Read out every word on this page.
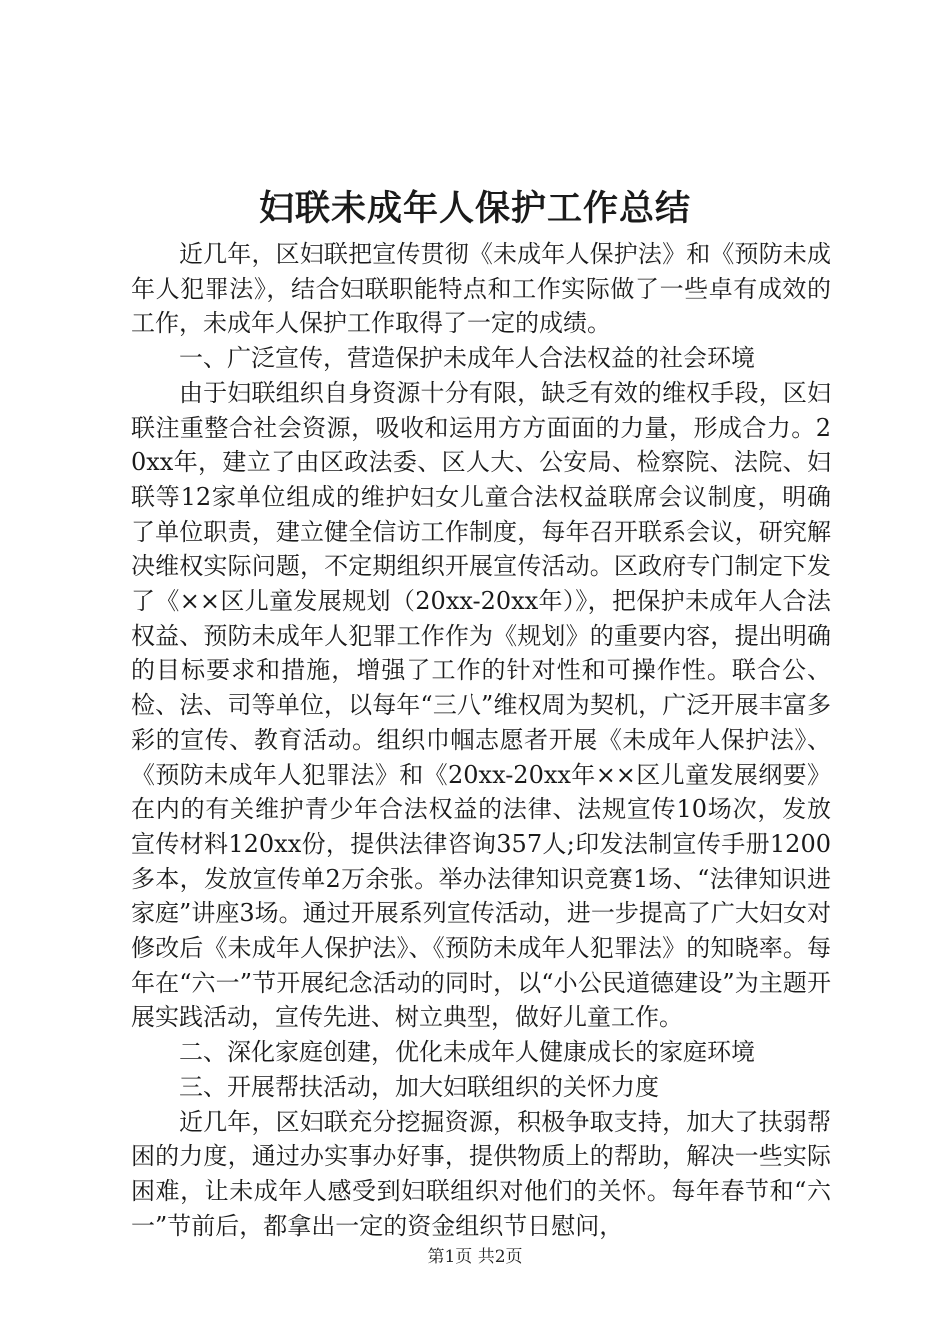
妇联未成年人保护工作总结

近几年，区妇联把宣传贯彻《未成年人保护法》和《预防未成年人犯罪法》，结合妇联职能特点和工作实际做了一些卓有成效的工作，未成年人保护工作取得了一定的成绩。

一、广泛宣传，营造保护未成年人合法权益的社会环境

由于妇联组织自身资源十分有限，缺乏有效的维权手段，区妇联注重整合社会资源，吸收和运用方方面面的力量，形成合力。20xx年，建立了由区政法委、区人大、公安局、检察院、法院、妇联等12家单位组成的维护妇女儿童合法权益联席会议制度，明确了单位职责，建立健全信访工作制度，每年召开联系会议，研究解决维权实际问题，不定期组织开展宣传活动。区政府专门制定下发了《××区儿童发展规划（20xx-20xx年）》，把保护未成年人合法权益、预防未成年人犯罪工作作为《规划》的重要内容，提出明确的目标要求和措施，增强了工作的针对性和可操作性。联合公、检、法、司等单位，以每年“三八”维权周为契机，广泛开展丰富多彩的宣传、教育活动。组织巾帼志愿者开展《未成年人保护法》、《预防未成年人犯罪法》和《20xx-20xx年××区儿童发展纲要》在内的有关维护青少年合法权益的法律、法规宣传10场次，发放宣传材料120xx份，提供法律咨询357人;印发法制宣传手册1200多本，发放宣传单2万余张。举办法律知识竞赛1场、“法律知识进家庭”讲座3场。通过开展系列宣传活动，进一步提高了广大妇女对修改后《未成年人保护法》、《预防未成年人犯罪法》的知晓率。每年在“六一”节开展纪念活动的同时，以“小公民道德建设”为主题开展实践活动，宣传先进、树立典型，做好儿童工作。

二、深化家庭创建，优化未成年人健康成长的家庭环境

三、开展帮扶活动，加大妇联组织的关怀力度

近几年，区妇联充分挖掘资源，积极争取支持，加大了扶弱帮困的力度，通过办实事办好事，提供物质上的帮助，解决一些实际困难，让未成年人感受到妇联组织对他们的关怀。每年春节和“六一”节前后，都拿出一定的资金组织节日慰问，

第1页 共2页
